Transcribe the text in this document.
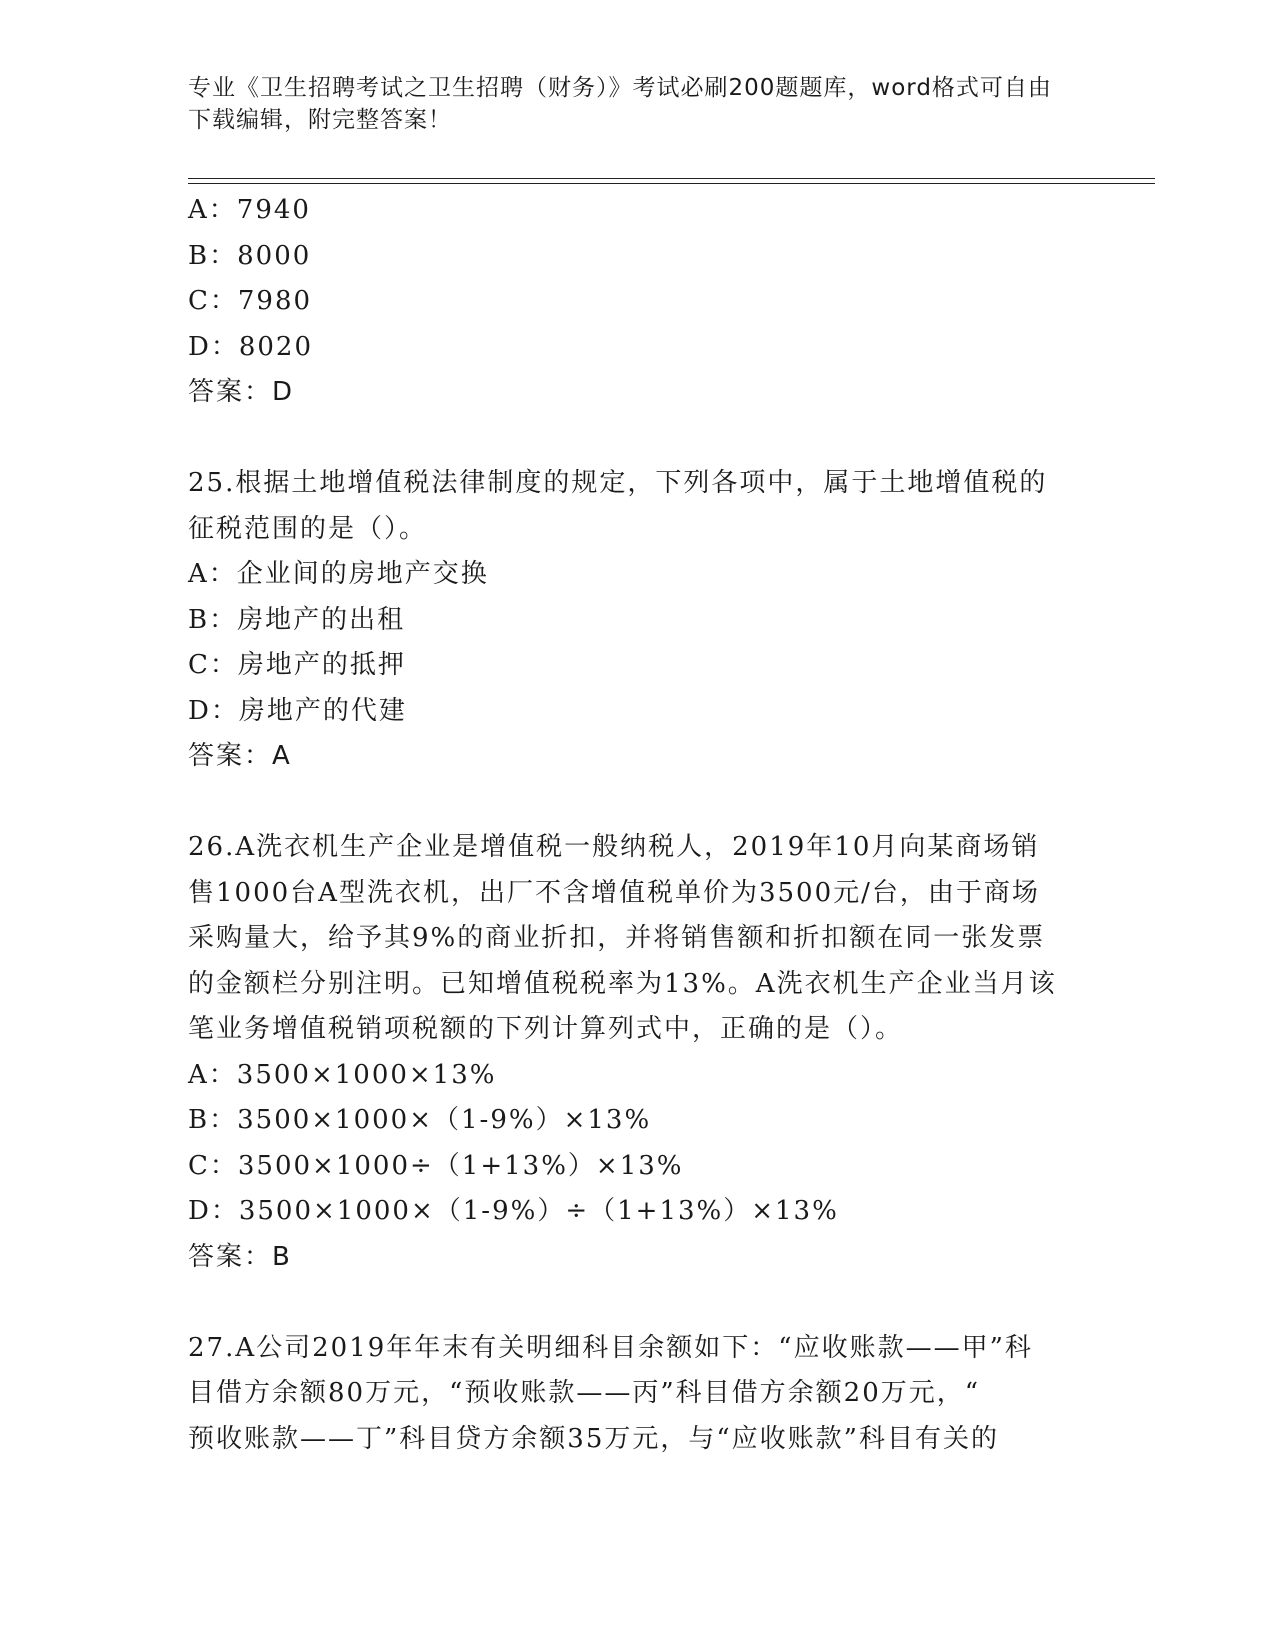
专业《卫生招聘考试之卫生招聘（财务）》考试必刷200题题库，word格式可自由下载编辑，附完整答案！
A：7940
B：8000
C：7980
D：8020
答案：D
25.根据土地增值税法律制度的规定，下列各项中，属于土地增值税的
征税范围的是（）。
A：企业间的房地产交换
B：房地产的出租
C：房地产的抵押
D：房地产的代建
答案：A
26.A洗衣机生产企业是增值税一般纳税人，2019年10月向某商场销
售1000台A型洗衣机，出厂不含增值税单价为3500元/台，由于商场
采购量大，给予其9%的商业折扣，并将销售额和折扣额在同一张发票
的金额栏分别注明。已知增值税税率为13%。A洗衣机生产企业当月该
笔业务增值税销项税额的下列计算列式中，正确的是（）。
A：3500×1000×13%
B：3500×1000×（1-9%）×13%
C：3500×1000÷（1+13%）×13%
D：3500×1000×（1-9%）÷（1+13%）×13%
答案：B
27.A公司2019年年末有关明细科目余额如下：“应收账款——甲”科
目借方余额80万元，“预收账款——丙”科目借方余额20万元，“
预收账款——丁”科目贷方余额35万元，与“应收账款”科目有关的
